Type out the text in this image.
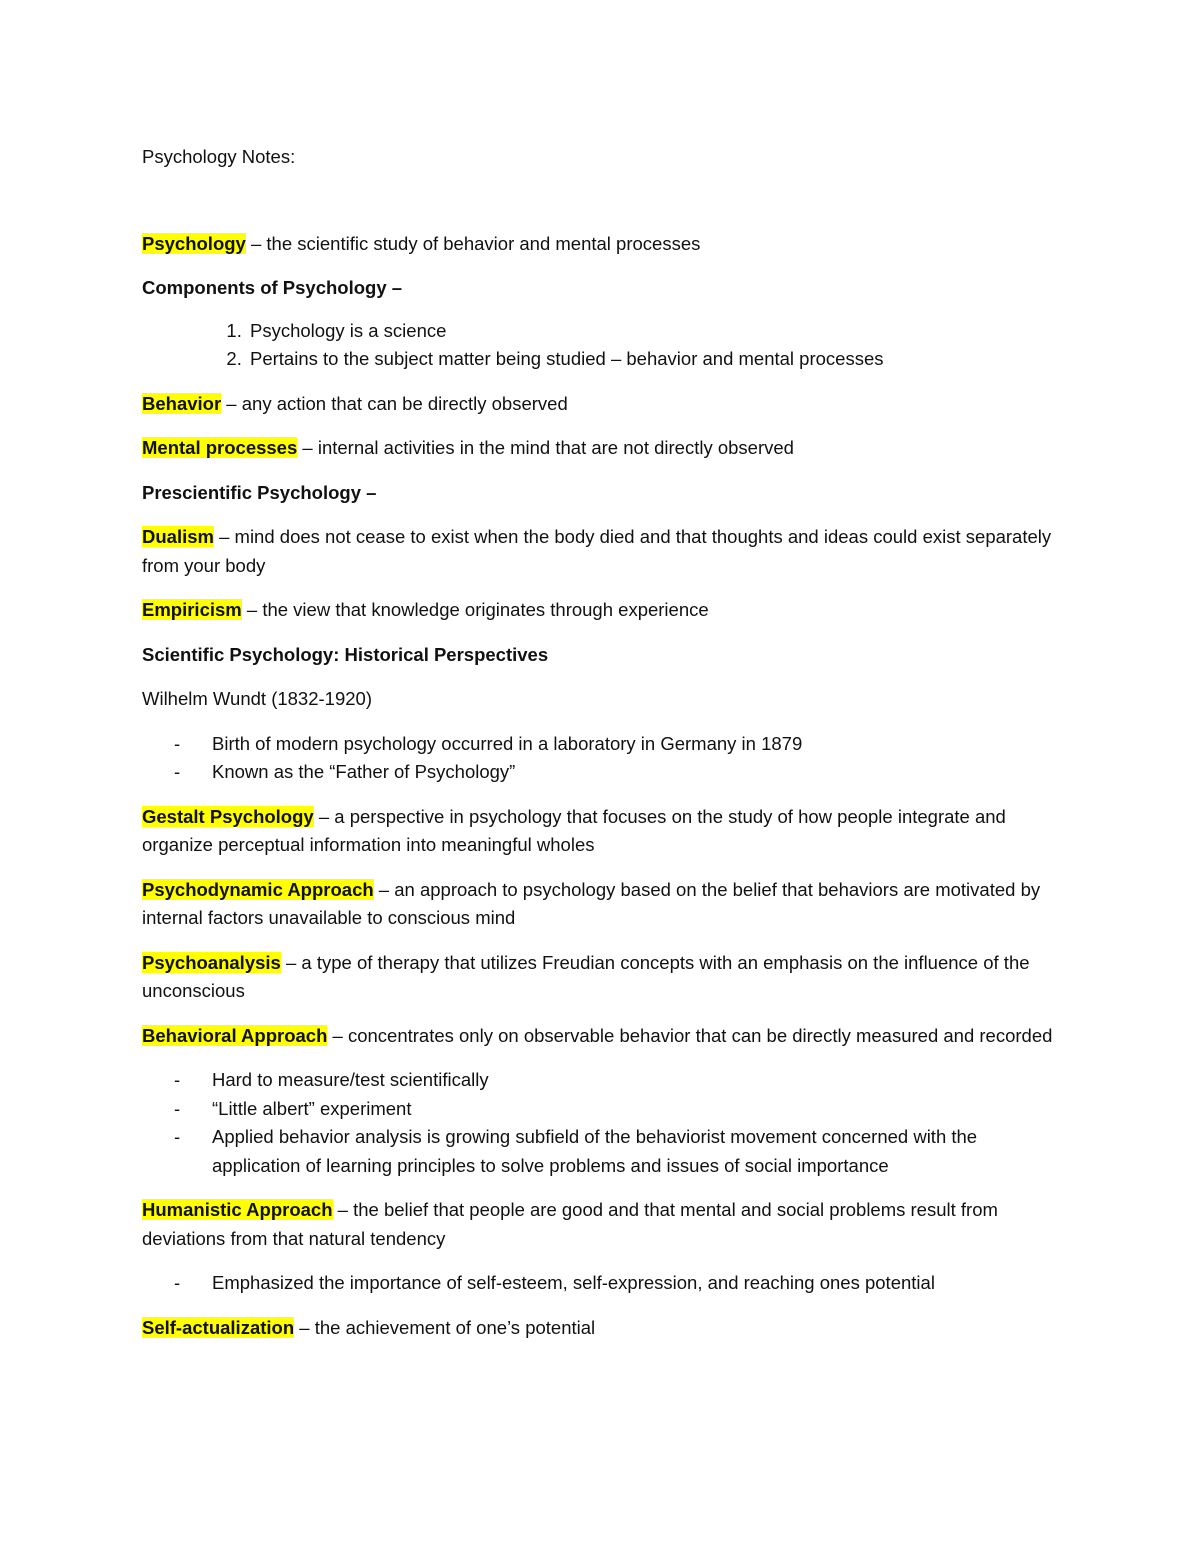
Psychology Notes:

Psychology – the scientific study of behavior and mental processes

Components of Psychology –

1. Psychology is a science
2. Pertains to the subject matter being studied – behavior and mental processes

Behavior – any action that can be directly observed

Mental processes – internal activities in the mind that are not directly observed

Prescientific Psychology –

Dualism – mind does not cease to exist when the body died and that thoughts and ideas could exist separately from your body

Empiricism – the view that knowledge originates through experience

Scientific Psychology: Historical Perspectives

Wilhelm Wundt (1832-1920)

- Birth of modern psychology occurred in a laboratory in Germany in 1879
- Known as the “Father of Psychology”

Gestalt Psychology – a perspective in psychology that focuses on the study of how people integrate and organize perceptual information into meaningful wholes

Psychodynamic Approach – an approach to psychology based on the belief that behaviors are motivated by internal factors unavailable to conscious mind

Psychoanalysis – a type of therapy that utilizes Freudian concepts with an emphasis on the influence of the unconscious

Behavioral Approach – concentrates only on observable behavior that can be directly measured and recorded

- Hard to measure/test scientifically
- “Little albert” experiment
- Applied behavior analysis is growing subfield of the behaviorist movement concerned with the application of learning principles to solve problems and issues of social importance

Humanistic Approach – the belief that people are good and that mental and social problems result from deviations from that natural tendency

- Emphasized the importance of self-esteem, self-expression, and reaching ones potential

Self-actualization – the achievement of one’s potential
